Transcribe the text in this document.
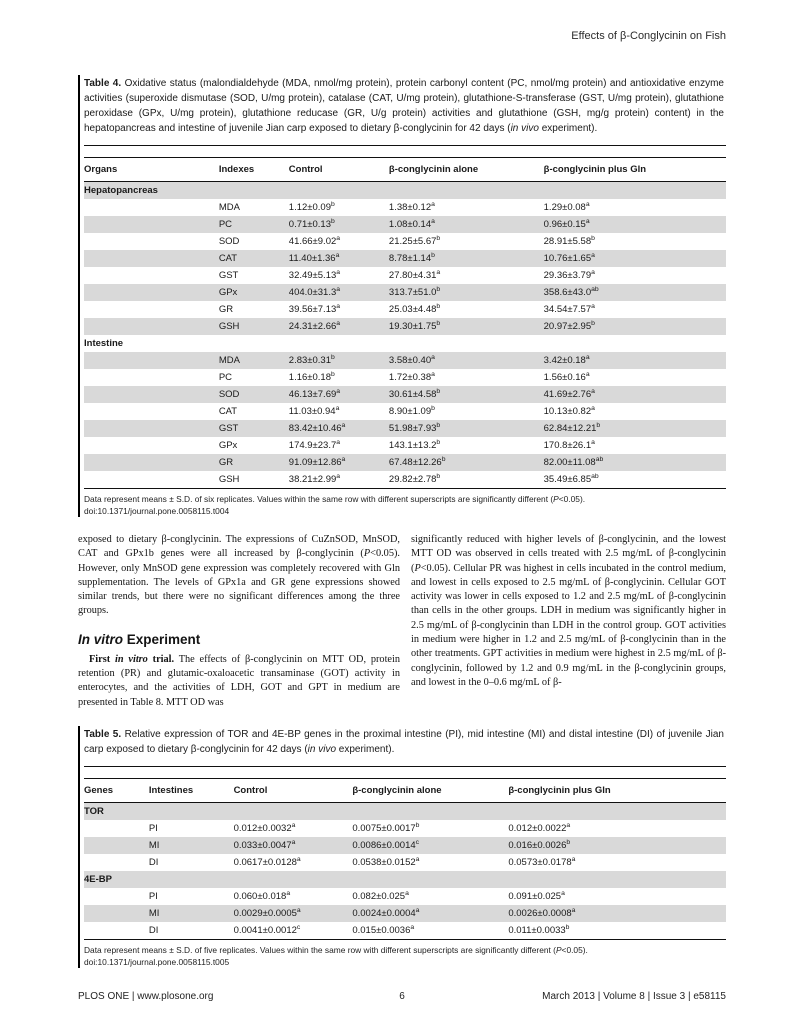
Effects of β-Conglycinin on Fish
Table 4. Oxidative status (malondialdehyde (MDA, nmol/mg protein), protein carbonyl content (PC, nmol/mg protein) and antioxidative enzyme activities (superoxide dismutase (SOD, U/mg protein), catalase (CAT, U/mg protein), glutathione-S-transferase (GST, U/mg protein), glutathione peroxidase (GPx, U/mg protein), glutathione reducase (GR, U/g protein) activities and glutathione (GSH, mg/g protein) content) in the hepatopancreas and intestine of juvenile Jian carp exposed to dietary β-conglycinin for 42 days (in vivo experiment).
Organs	Indexes	Control	β-conglycinin alone	β-conglycinin plus Gln
Hepatopancreas				
	MDA	1.12±0.09$^b$	1.38±0.12$^a$	1.29±0.08$^a$
	PC	0.71±0.13$^b$	1.08±0.14$^a$	0.96±0.15$^a$
	SOD	41.66±9.02$^a$	21.25±5.67$^b$	28.91±5.58$^b$
	CAT	11.40±1.36$^a$	8.78±1.14$^b$	10.76±1.65$^a$
	GST	32.49±5.13$^a$	27.80±4.31$^a$	29.36±3.79$^a$
	GPx	404.0±31.3$^a$	313.7±51.0$^b$	358.6±43.0$^{ab}$
	GR	39.56±7.13$^a$	25.03±4.48$^b$	34.54±7.57$^a$
	GSH	24.31±2.66$^a$	19.30±1.75$^b$	20.97±2.95$^b$
Intestine				
	MDA	2.83±0.31$^b$	3.58±0.40$^a$	3.42±0.18$^a$
	PC	1.16±0.18$^b$	1.72±0.38$^a$	1.56±0.16$^a$
	SOD	46.13±7.69$^a$	30.61±4.58$^b$	41.69±2.76$^a$
	CAT	11.03±0.94$^a$	8.90±1.09$^b$	10.13±0.82$^a$
	GST	83.42±10.46$^a$	51.98±7.93$^b$	62.84±12.21$^b$
	GPx	174.9±23.7$^a$	143.1±13.2$^b$	170.8±26.1$^a$
	GR	91.09±12.86$^a$	67.48±12.26$^b$	82.00±11.08$^{ab}$
	GSH	38.21±2.99$^a$	29.82±2.78$^b$	35.49±6.85$^{ab}$
Data represent means ± S.D. of six replicates. Values within the same row with different superscripts are significantly different (P<0.05).
doi:10.1371/journal.pone.0058115.t004

exposed to dietary β-conglycinin. The expressions of CuZnSOD, MnSOD, CAT and GPx1b genes were all increased by β-conglycinin (P<0.05). However, only MnSOD gene expression was completely recovered with Gln supplementation. The levels of GPx1a and GR gene expressions showed similar trends, but there were no significant differences among the three groups.

In vitro Experiment

First in vitro trial. The effects of β-conglycinin on MTT OD, protein retention (PR) and glutamic-oxaloacetic transaminase (GOT) activity in enterocytes, and the activities of LDH, GOT and GPT in medium are presented in Table 8. MTT OD was

significantly reduced with higher levels of β-conglycinin, and the lowest MTT OD was observed in cells treated with 2.5 mg/mL of β-conglycinin (P<0.05). Cellular PR was highest in cells incubated in the control medium, and lowest in cells exposed to 2.5 mg/mL of β-conglycinin. Cellular GOT activity was lower in cells exposed to 1.2 and 2.5 mg/mL of β-conglycinin than cells in the other groups. LDH in medium was significantly higher in 2.5 mg/mL of β-conglycinin than LDH in the control group. GOT activities in medium were higher in 1.2 and 2.5 mg/mL of β-conglycinin than in the other treatments. GPT activities in medium were highest in 2.5 mg/mL of β-conglycinin, followed by 1.2 and 0.9 mg/mL in the β-conglycinin groups, and lowest in the 0–0.6 mg/mL of β-

Table 5. Relative expression of TOR and 4E-BP genes in the proximal intestine (PI), mid intestine (MI) and distal intestine (DI) of juvenile Jian carp exposed to dietary β-conglycinin for 42 days (in vivo experiment).
Genes	Intestines	Control	β-conglycinin alone	β-conglycinin plus Gln
TOR				
	PI	0.012±0.0032$^a$	0.0075±0.0017$^b$	0.012±0.0022$^a$
	MI	0.033±0.0047$^a$	0.0086±0.0014$^c$	0.016±0.0026$^b$
	DI	0.0617±0.0128$^a$	0.0538±0.0152$^a$	0.0573±0.0178$^a$
4E-BP				
	PI	0.060±0.018$^a$	0.082±0.025$^a$	0.091±0.025$^a$
	MI	0.0029±0.0005$^a$	0.0024±0.0004$^a$	0.0026±0.0008$^a$
	DI	0.0041±0.0012$^c$	0.015±0.0036$^a$	0.011±0.0033$^b$
Data represent means ± S.D. of five replicates. Values within the same row with different superscripts are significantly different (P<0.05).
doi:10.1371/journal.pone.0058115.t005
PLOS ONE | www.plosone.org	6	March 2013 | Volume 8 | Issue 3 | e58115
